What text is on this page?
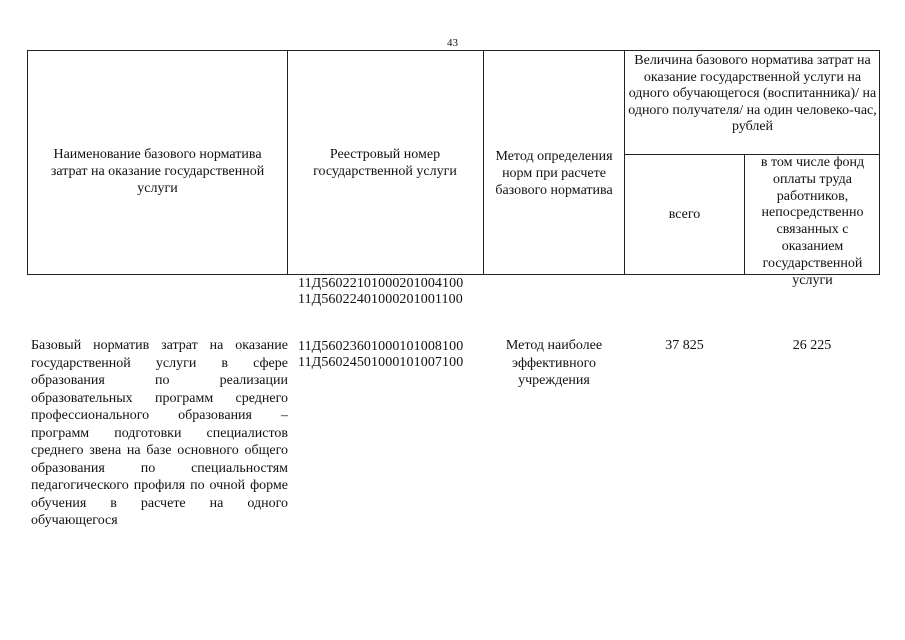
43
Наименование базового норматива затрат на оказание государственной услуги
Реестровый номер государственной услуги
Метод определения норм при расчете базового норматива
Величина базового норматива затрат на оказание государственной услуги на одного обучающегося (воспитанника)/ на одного получателя/ на один человеко-час, рублей
всего
в том числе фонд оплаты труда работников, непосредственно связанных с оказанием государственной услуги
11Д56022101000201004100
11Д56022401000201001100
Базовый норматив затрат на оказание государственной услуги в сфере образования по реализации образовательных программ среднего профессионального образования – программ подготовки специалистов среднего звена на базе основного общего образования по специальностям педагогического профиля по очной форме обучения в расчете на одного обучающегося
11Д56023601000101008100
11Д56024501000101007100
Метод наиболее эффективного учреждения
37 825	26 225
